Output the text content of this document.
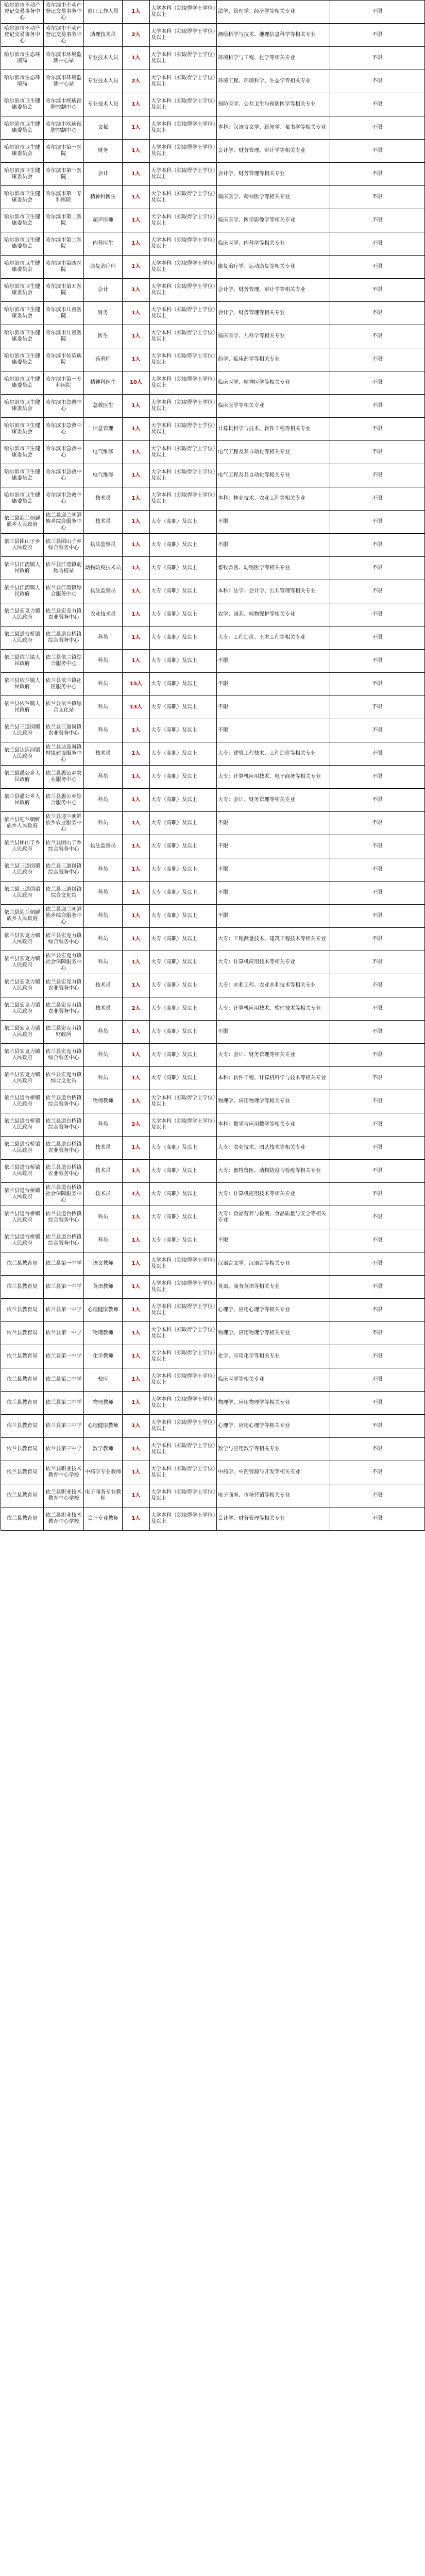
哈尔滨市不动产登记交易事务中心	哈尔滨市不动产登记交易事务中心	窗口工作人员	1人	大学本科（须取得学士学位）及以上	法学、管理学、经济学等相关专业	不限
哈尔滨市不动产登记交易事务中心	哈尔滨市不动产登记交易事务中心	助理技术员	2人	大学本科（须取得学士学位）及以上	测绘科学与技术、地理信息科学等相关专业	不限
哈尔滨市生态环境局	哈尔滨市环境监测中心站	专业技术人员	1人	大学本科（须取得学士学位）及以上	环境科学与工程、化学等相关专业	不限
哈尔滨市生态环境局	哈尔滨市环境监测中心站	专业技术人员	2人	大学本科（须取得学士学位）及以上	环境工程、环境科学、生态学等相关专业	不限
哈尔滨市卫生健康委员会	哈尔滨市疾病预防控制中心	专业技术人员	1人	大学本科（须取得学士学位）及以上	预防医学、公共卫生与预防医学等相关专业	不限
哈尔滨市卫生健康委员会	哈尔滨市疾病预防控制中心	文秘	1人	大学本科（须取得学士学位）及以上	本科：汉语言文学、新闻学、秘书学等相关专业	不限
哈尔滨市卫生健康委员会	哈尔滨市第一医院	财务	1人	大学本科（须取得学士学位）及以上	会计学、财务管理、审计学等相关专业	不限
哈尔滨市卫生健康委员会	哈尔滨市第一医院	会计	1人	大学本科（须取得学士学位）及以上	会计学、财务管理等相关专业	不限
哈尔滨市卫生健康委员会	哈尔滨市第一专科医院	精神科医生	1人	大学本科（须取得学士学位）及以上	临床医学、精神医学等相关专业	不限
哈尔滨市卫生健康委员会	哈尔滨市第二医院	超声医师	1人	大学本科（须取得学士学位）及以上	临床医学、医学影像学等相关专业	不限
哈尔滨市卫生健康委员会	哈尔滨市第二医院	内科医生	1人	大学本科（须取得学士学位）及以上	临床医学、内科学等相关专业	不限
哈尔滨市卫生健康委员会	哈尔滨市第四医院	康复治疗师	1人	大学本科（须取得学士学位）及以上	康复治疗学、运动康复等相关专业	不限
哈尔滨市卫生健康委员会	哈尔滨市第五医院	会计	1人	大学本科（须取得学士学位）及以上	会计学、财务管理、审计学等相关专业	不限
哈尔滨市卫生健康委员会	哈尔滨市儿童医院	财务	1人	大学本科（须取得学士学位）及以上	会计学、财务管理等相关专业	不限
哈尔滨市卫生健康委员会	哈尔滨市儿童医院	医生	1人	大学本科（须取得学士学位）及以上	临床医学、儿科学等相关专业	不限
哈尔滨市卫生健康委员会	哈尔滨市传染病院	药剂师	1人	大学本科（须取得学士学位）及以上	药学、临床药学等相关专业	不限
哈尔滨市卫生健康委员会	哈尔滨市第一专科医院	精神科医生	10人	大学本科（须取得学士学位）及以上	临床医学、精神医学等相关专业	不限
哈尔滨市卫生健康委员会	哈尔滨市急救中心	急救医生	1人	大学本科（须取得学士学位）及以上	临床医学等相关专业	不限
哈尔滨市卫生健康委员会	哈尔滨市急救中心	信息管理	1人	大学本科（须取得学士学位）及以上	计算机科学与技术、软件工程等相关专业	不限
哈尔滨市卫生健康委员会	哈尔滨市急救中心	电气维修	1人	大学本科（须取得学士学位）及以上	电气工程及其自动化等相关专业	不限
哈尔滨市卫生健康委员会	哈尔滨市急救中心	电气维修	1人	大学本科（须取得学士学位）及以上	电气工程及其自动化等相关专业	不限
哈尔滨市卫生健康委员会	哈尔滨市急救中心	技术员	1人	大学本科（须取得学士学位）及以上	本科：林业技术、农业工程等相关专业	不限
依兰县迎兰朝鲜族乡人民政府	依兰县迎兰朝鲜族乡综合服务中心	技术员	1人	大专（高职）及以上	不限	不限
依兰县团山子乡人民政府	依兰县团山子乡综合服务中心	执法监察员	1人	大专（高职）及以上	不限	不限
依兰县江湾镇人民政府	依兰县江湾镇动物防疫站	动物防疫技术员	1人	大专（高职）及以上	畜牧兽医、动物医学等相关专业	不限
依兰县江湾镇人民政府	依兰县江湾镇综合服务中心	执法监察员	1人	大专（高职）及以上	本科：法学、会计学、公共管理等相关专业	不限
依兰县宏克力镇人民政府	依兰县宏克力镇农业服务中心	农业技术员	1人	大专（高职）及以上	农学、园艺、植物保护等相关专业	不限
依兰县道台桥镇人民政府	依兰县道台桥镇综合服务中心	科员	1人	大专（高职）及以上	大专：工程造价、土木工程等相关专业	不限
依兰县依兰镇人民政府	依兰县依兰镇综合服务中心	科员	1人	大专（高职）及以上	不限	不限
依兰县依兰镇人民政府	依兰县依兰镇社区服务中心	科员	15人	大专（高职）及以上	不限	不限
依兰县依兰镇人民政府	依兰县依兰镇综合文化站	科员	13人	大专（高职）及以上	不限	不限
依兰县三道岗镇人民政府	依兰县三道岗镇农业服务中心	科员	1人	大专（高职）及以上	不限	不限
依兰县达连河镇人民政府	依兰县达连河镇村镇建设服务中心	技术员	1人	大专（高职）及以上	大专：建筑工程技术、工程造价等相关专业	不限
依兰县愚公乡人民政府	依兰县愚公乡农业服务中心	科员	1人	大专（高职）及以上	大专：计算机应用技术、电子商务等相关专业	不限
依兰县愚公乡人民政府	依兰县愚公乡综合服务中心	科员	1人	大专（高职）及以上	大专：会计、财务管理等相关专业	不限
依兰县迎兰朝鲜族乡人民政府	依兰县迎兰朝鲜族乡农业服务中心	科员	1人	大专（高职）及以上	不限	不限
依兰县团山子乡人民政府	依兰县团山子乡综合服务中心	执法监察员	1人	大专（高职）及以上	不限	不限
依兰县三道岗镇人民政府	依兰县三道岗镇综合服务中心	科员	1人	大专（高职）及以上	不限	不限
依兰县三道岗镇人民政府	依兰县三道岗镇综合文化站	科员	1人	大专（高职）及以上	不限	不限
依兰县迎兰朝鲜族乡人民政府	依兰县迎兰朝鲜族乡综合服务中心	科员	1人	大专（高职）及以上	不限	不限
依兰县宏克力镇人民政府	依兰县宏克力镇综合服务中心	科员	1人	大专（高职）及以上	大专：工程测量技术、建筑工程技术等相关专业	不限
依兰县宏克力镇人民政府	依兰县宏克力镇社会保障服务中心	科员	1人	大专（高职）及以上	大专：计算机应用技术等相关专业	不限
依兰县宏克力镇人民政府	依兰县宏克力镇农业服务中心	技术员	1人	大专（高职）及以上	大专：水利工程、农业水利技术等相关专业	不限
依兰县宏克力镇人民政府	依兰县宏克力镇农业服务中心	技术员	2人	大专（高职）及以上	大专：计算机应用技术、软件技术等相关专业	不限
依兰县宏克力镇人民政府	依兰县宏克力镇财政所	科员	1人	大专（高职）及以上	不限	不限
依兰县宏克力镇人民政府	依兰县宏克力镇综合服务中心	科员	1人	大专（高职）及以上	大专：会计、财务管理等相关专业	不限
依兰县宏克力镇人民政府	依兰县宏克力镇综合文化站	科员	1人	大专（高职）及以上	本科：软件工程、计算机科学与技术等相关专业	不限
依兰县道台桥镇人民政府	依兰县道台桥镇综合服务中心	物理教师	1人	大学本科（须取得学士学位）及以上	物理学、应用物理学等相关专业	不限
依兰县道台桥镇人民政府	依兰县道台桥镇综合服务中心	科员	2人	大学本科（须取得学士学位）及以上	本科：数学与应用数学等相关专业	不限
依兰县道台桥镇人民政府	依兰县道台桥镇农业服务中心	技术员	1人	大专（高职）及以上	大专：农业技术、园艺技术等相关专业	不限
依兰县道台桥镇人民政府	依兰县道台桥镇农业服务中心	技术员	1人	大专（高职）及以上	大专：畜牧兽医、动物防疫与检疫等相关专业	不限
依兰县道台桥镇人民政府	依兰县道台桥镇社会保障服务中心	技术员	1人	大专（高职）及以上	大专：计算机应用技术等相关专业	不限
依兰县道台桥镇人民政府	依兰县道台桥镇综合服务中心	科员	1人	大专（高职）及以上	大专：食品营养与检测、食品质量与安全等相关专业	不限
依兰县道台桥镇人民政府	依兰县道台桥镇综合服务中心	科员	1人	大专（高职）及以上	不限	不限
依兰县教育局	依兰县第一中学	语文教师	1人	大学本科（须取得学士学位）及以上	汉语言文学、汉语言等相关专业	不限
依兰县教育局	依兰县第一中学	英语教师	1人	大学本科（须取得学士学位）及以上	英语、商务英语等相关专业	不限
依兰县教育局	依兰县第一中学	心理健康教师	1人	大学本科（须取得学士学位）及以上	心理学、应用心理学等相关专业	不限
依兰县教育局	依兰县第一中学	物理教师	1人	大学本科（须取得学士学位）及以上	物理学、应用物理学等相关专业	不限
依兰县教育局	依兰县第一中学	化学教师	1人	大学本科（须取得学士学位）及以上	化学、应用化学等相关专业	不限
依兰县教育局	依兰县第二中学	校医	1人	大学本科（须取得学士学位）及以上	临床医学等相关专业	不限
依兰县教育局	依兰县第二中学	物理教师	1人	大学本科（须取得学士学位）及以上	物理学、应用物理学等相关专业	不限
依兰县教育局	依兰县第三中学	心理健康教师	1人	大学本科（须取得学士学位）及以上	心理学、应用心理学等相关专业	不限
依兰县教育局	依兰县第三中学	数学教师	1人	大学本科（须取得学士学位）及以上	数学与应用数学等相关专业	不限
依兰县教育局	依兰县职业技术教育中心学校	中药学专业教师	1人	大学本科（须取得学士学位）及以上	中药学、中药资源与开发等相关专业	不限
依兰县教育局	依兰县职业技术教育中心学校	电子商务专业教师	1人	大学本科（须取得学士学位）及以上	电子商务、市场营销等相关专业	不限
依兰县教育局	依兰县职业技术教育中心学校	会计专业教师	1人	大学本科（须取得学士学位）及以上	会计学、财务管理等相关专业	不限
